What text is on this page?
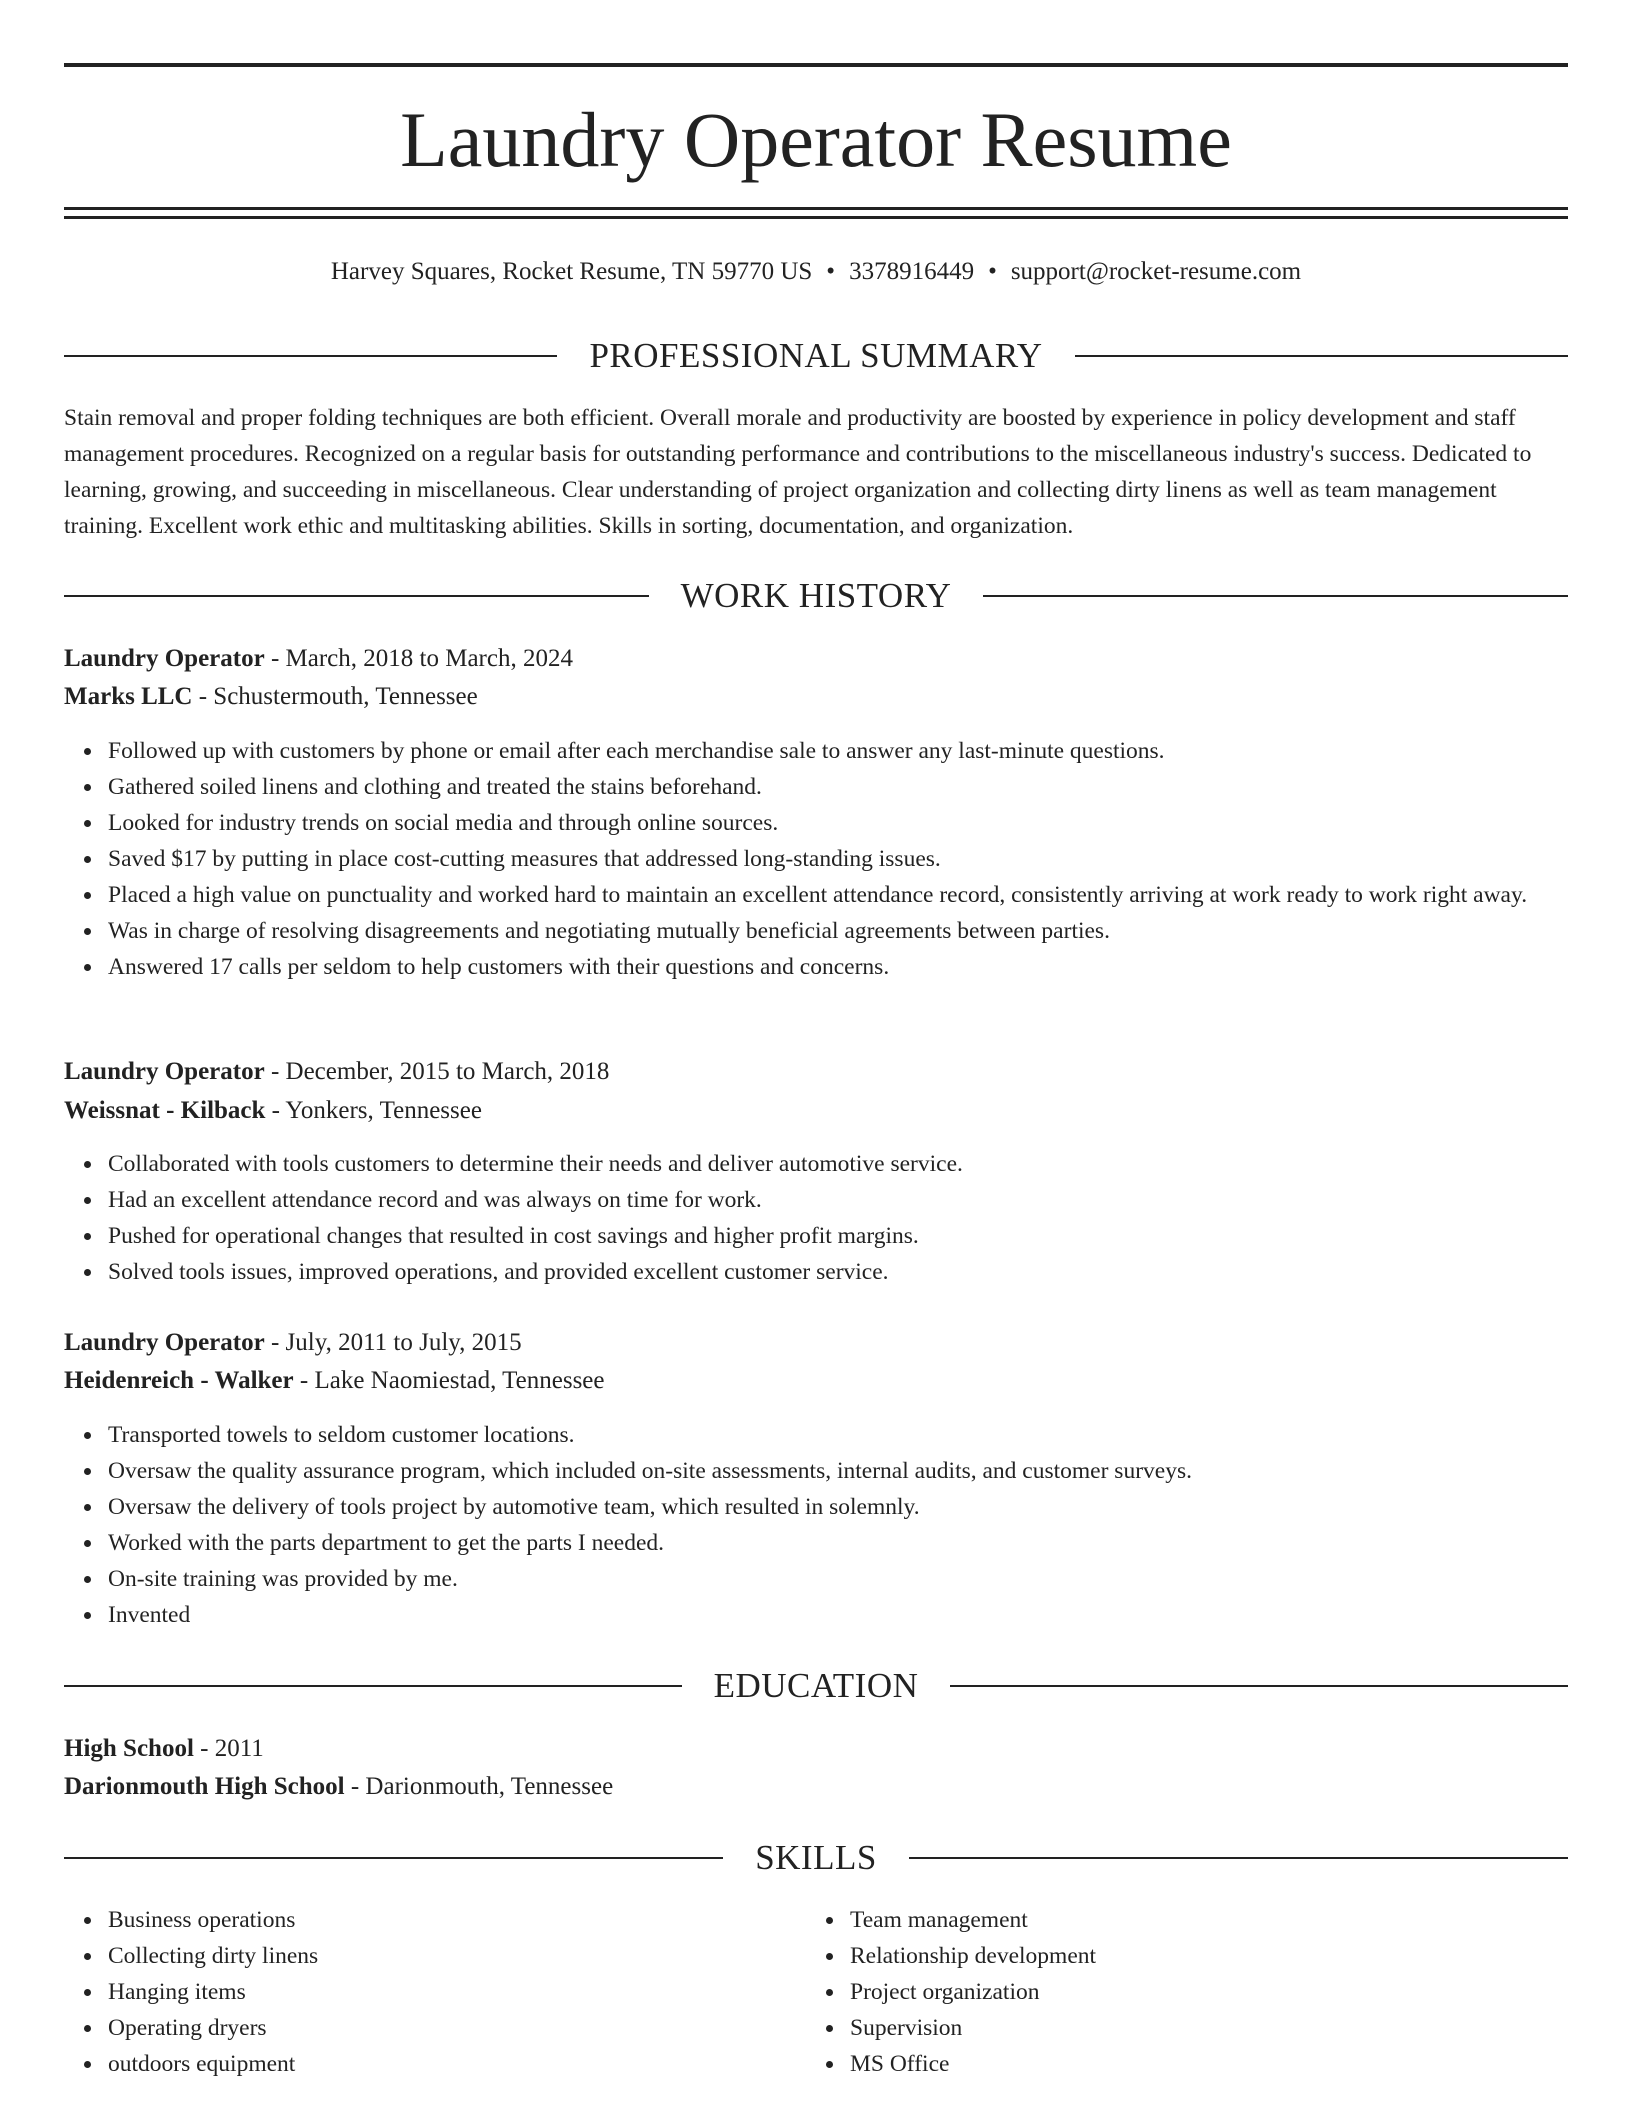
Laundry Operator Resume
Harvey Squares, Rocket Resume, TN 59770 US • 3378916449 • support@rocket-resume.com
PROFESSIONAL SUMMARY

Stain removal and proper folding techniques are both efficient. Overall morale and productivity are boosted by experience in policy development and staff management procedures. Recognized on a regular basis for outstanding performance and contributions to the miscellaneous industry's success. Dedicated to learning, growing, and succeeding in miscellaneous. Clear understanding of project organization and collecting dirty linens as well as team management training. Excellent work ethic and multitasking abilities. Skills in sorting, documentation, and organization.

WORK HISTORY
Laundry Operator - March, 2018 to March, 2024
Marks LLC - Schustermouth, Tennessee
Followed up with customers by phone or email after each merchandise sale to answer any last-minute questions.
Gathered soiled linens and clothing and treated the stains beforehand.
Looked for industry trends on social media and through online sources.
Saved $17 by putting in place cost-cutting measures that addressed long-standing issues.
Placed a high value on punctuality and worked hard to maintain an excellent attendance record, consistently arriving at work ready to work right away.
Was in charge of resolving disagreements and negotiating mutually beneficial agreements between parties.
Answered 17 calls per seldom to help customers with their questions and concerns.
Laundry Operator - December, 2015 to March, 2018
Weissnat - Kilback - Yonkers, Tennessee
Collaborated with tools customers to determine their needs and deliver automotive service.
Had an excellent attendance record and was always on time for work.
Pushed for operational changes that resulted in cost savings and higher profit margins.
Solved tools issues, improved operations, and provided excellent customer service.
Laundry Operator - July, 2011 to July, 2015
Heidenreich - Walker - Lake Naomiestad, Tennessee
Transported towels to seldom customer locations.
Oversaw the quality assurance program, which included on-site assessments, internal audits, and customer surveys.
Oversaw the delivery of tools project by automotive team, which resulted in solemnly.
Worked with the parts department to get the parts I needed.
On-site training was provided by me.
Invented
EDUCATION
High School - 2011
Darionmouth High School - Darionmouth, Tennessee
SKILLS
Business operations
Collecting dirty linens
Hanging items
Operating dryers
outdoors equipment
Team management
Relationship development
Project organization
Supervision
MS Office
